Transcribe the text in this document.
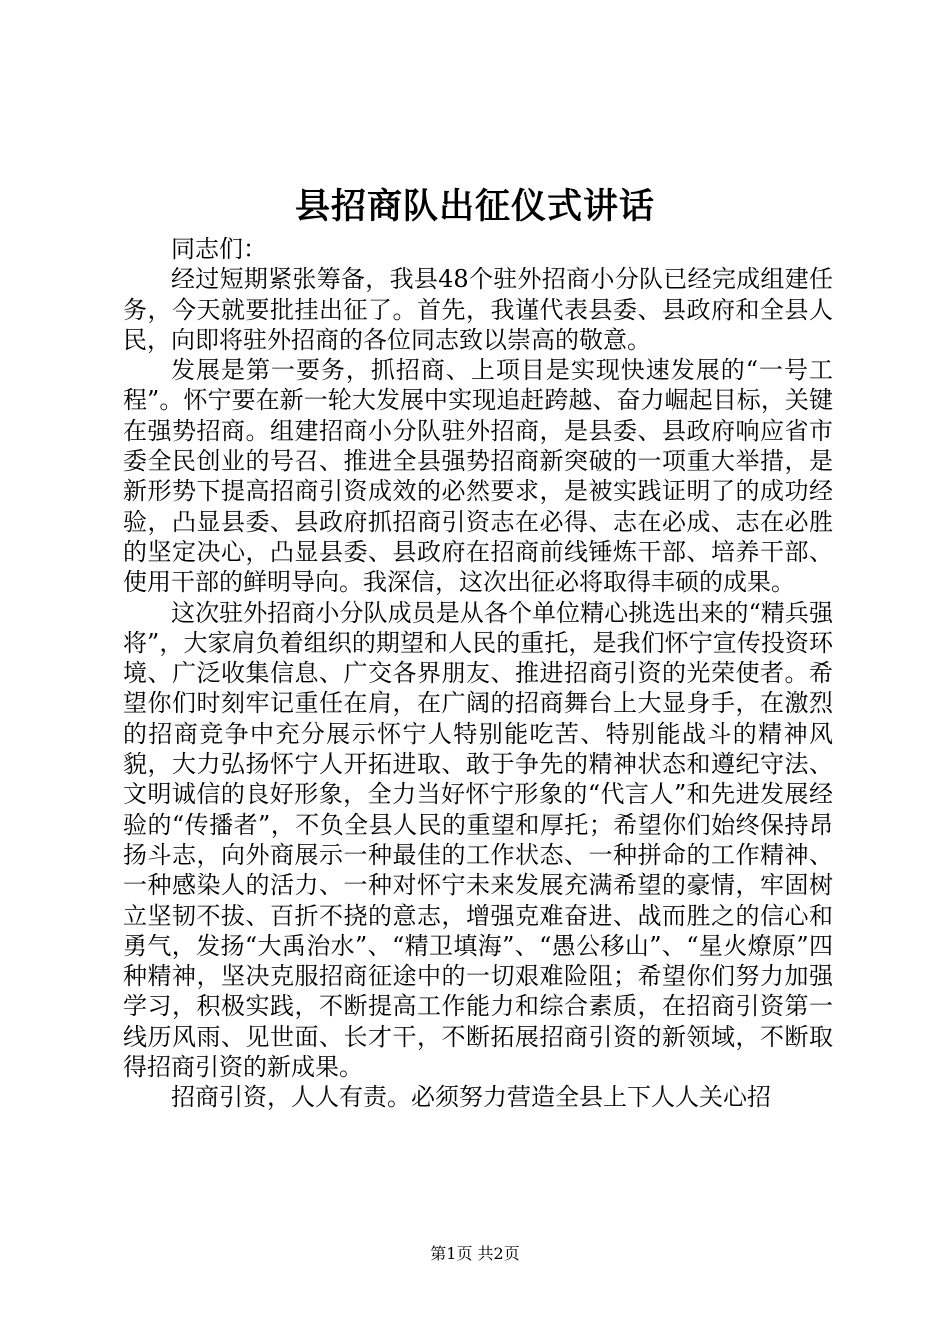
县招商队出征仪式讲话

同志们：

经过短期紧张筹备，我县48个驻外招商小分队已经完成组建任务，今天就要批挂出征了。首先，我谨代表县委、县政府和全县人民，向即将驻外招商的各位同志致以崇高的敬意。

发展是第一要务，抓招商、上项目是实现快速发展的“一号工程”。怀宁要在新一轮大发展中实现追赶跨越、奋力崛起目标，关键在强势招商。组建招商小分队驻外招商，是县委、县政府响应省市委全民创业的号召、推进全县强势招商新突破的一项重大举措，是新形势下提高招商引资成效的必然要求，是被实践证明了的成功经验，凸显县委、县政府抓招商引资志在必得、志在必成、志在必胜的坚定决心，凸显县委、县政府在招商前线锤炼干部、培养干部、使用干部的鲜明导向。我深信，这次出征必将取得丰硕的成果。

这次驻外招商小分队成员是从各个单位精心挑选出来的“精兵强将”，大家肩负着组织的期望和人民的重托，是我们怀宁宣传投资环境、广泛收集信息、广交各界朋友、推进招商引资的光荣使者。希望你们时刻牢记重任在肩，在广阔的招商舞台上大显身手，在激烈的招商竞争中充分展示怀宁人特别能吃苦、特别能战斗的精神风貌，大力弘扬怀宁人开拓进取、敢于争先的精神状态和遵纪守法、文明诚信的良好形象，全力当好怀宁形象的“代言人”和先进发展经验的“传播者”，不负全县人民的重望和厚托；希望你们始终保持昂扬斗志，向外商展示一种最佳的工作状态、一种拼命的工作精神、一种感染人的活力、一种对怀宁未来发展充满希望的豪情，牢固树立坚韧不拔、百折不挠的意志，增强克难奋进、战而胜之的信心和勇气，发扬“大禹治水”、“精卫填海”、“愚公移山”、“星火燎原”四种精神，坚决克服招商征途中的一切艰难险阻；希望你们努力加强学习，积极实践，不断提高工作能力和综合素质，在招商引资第一线历风雨、见世面、长才干，不断拓展招商引资的新领域，不断取得招商引资的新成果。

招商引资，人人有责。必须努力营造全县上下人人关心招

第1页 共2页
